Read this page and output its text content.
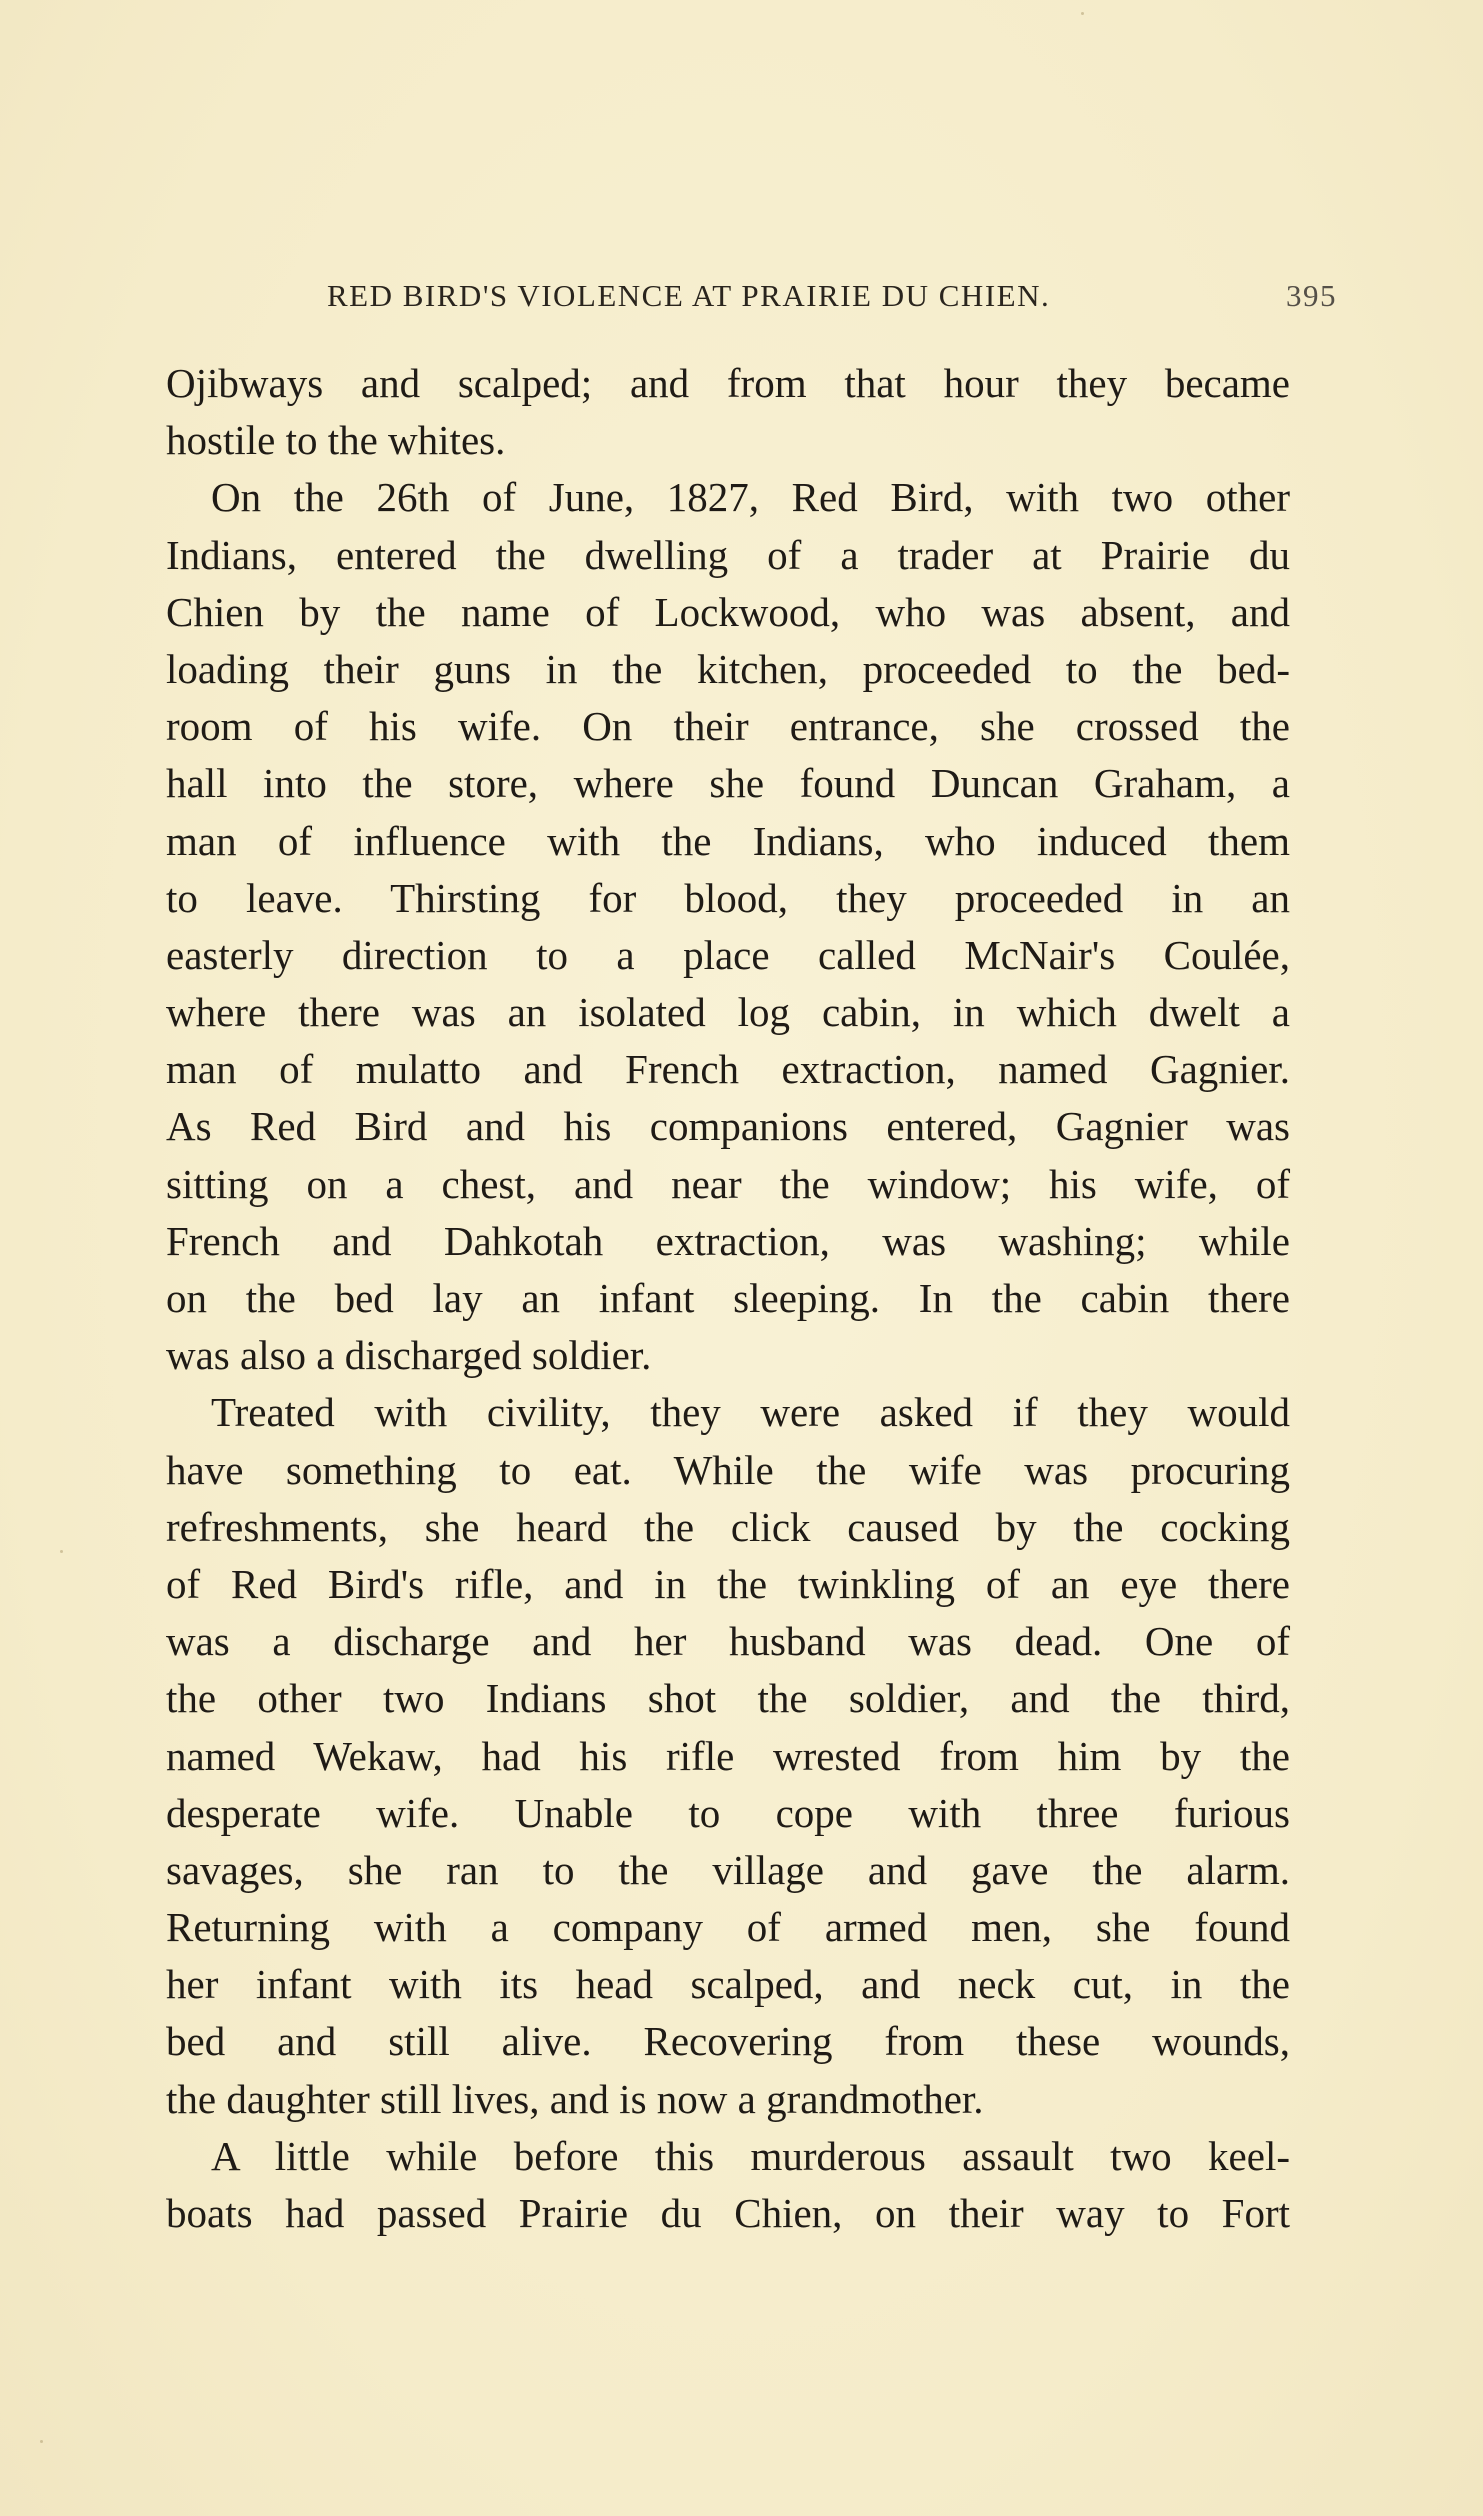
RED BIRD'S VIOLENCE AT PRAIRIE DU CHIEN.	395
Ojibways and scalped; and from that hour they became
hostile to the whites.
On the 26th of June, 1827, Red Bird, with two other
Indians, entered the dwelling of a trader at Prairie du
Chien by the name of Lockwood, who was absent, and
loading their guns in the kitchen, proceeded to the bed-
room of his wife. On their entrance, she crossed the
hall into the store, where she found Duncan Graham, a
man of influence with the Indians, who induced them
to leave. Thirsting for blood, they proceeded in an
easterly direction to a place called McNair's Coulée,
where there was an isolated log cabin, in which dwelt a
man of mulatto and French extraction, named Gagnier.
As Red Bird and his companions entered, Gagnier was
sitting on a chest, and near the window; his wife, of
French and Dahkotah extraction, was washing; while
on the bed lay an infant sleeping. In the cabin there
was also a discharged soldier.
Treated with civility, they were asked if they would
have something to eat. While the wife was procuring
refreshments, she heard the click caused by the cocking
of Red Bird's rifle, and in the twinkling of an eye there
was a discharge and her husband was dead. One of
the other two Indians shot the soldier, and the third,
named Wekaw, had his rifle wrested from him by the
desperate wife. Unable to cope with three furious
savages, she ran to the village and gave the alarm.
Returning with a company of armed men, she found
her infant with its head scalped, and neck cut, in the
bed and still alive. Recovering from these wounds,
the daughter still lives, and is now a grandmother.
A little while before this murderous assault two keel-
boats had passed Prairie du Chien, on their way to Fort
